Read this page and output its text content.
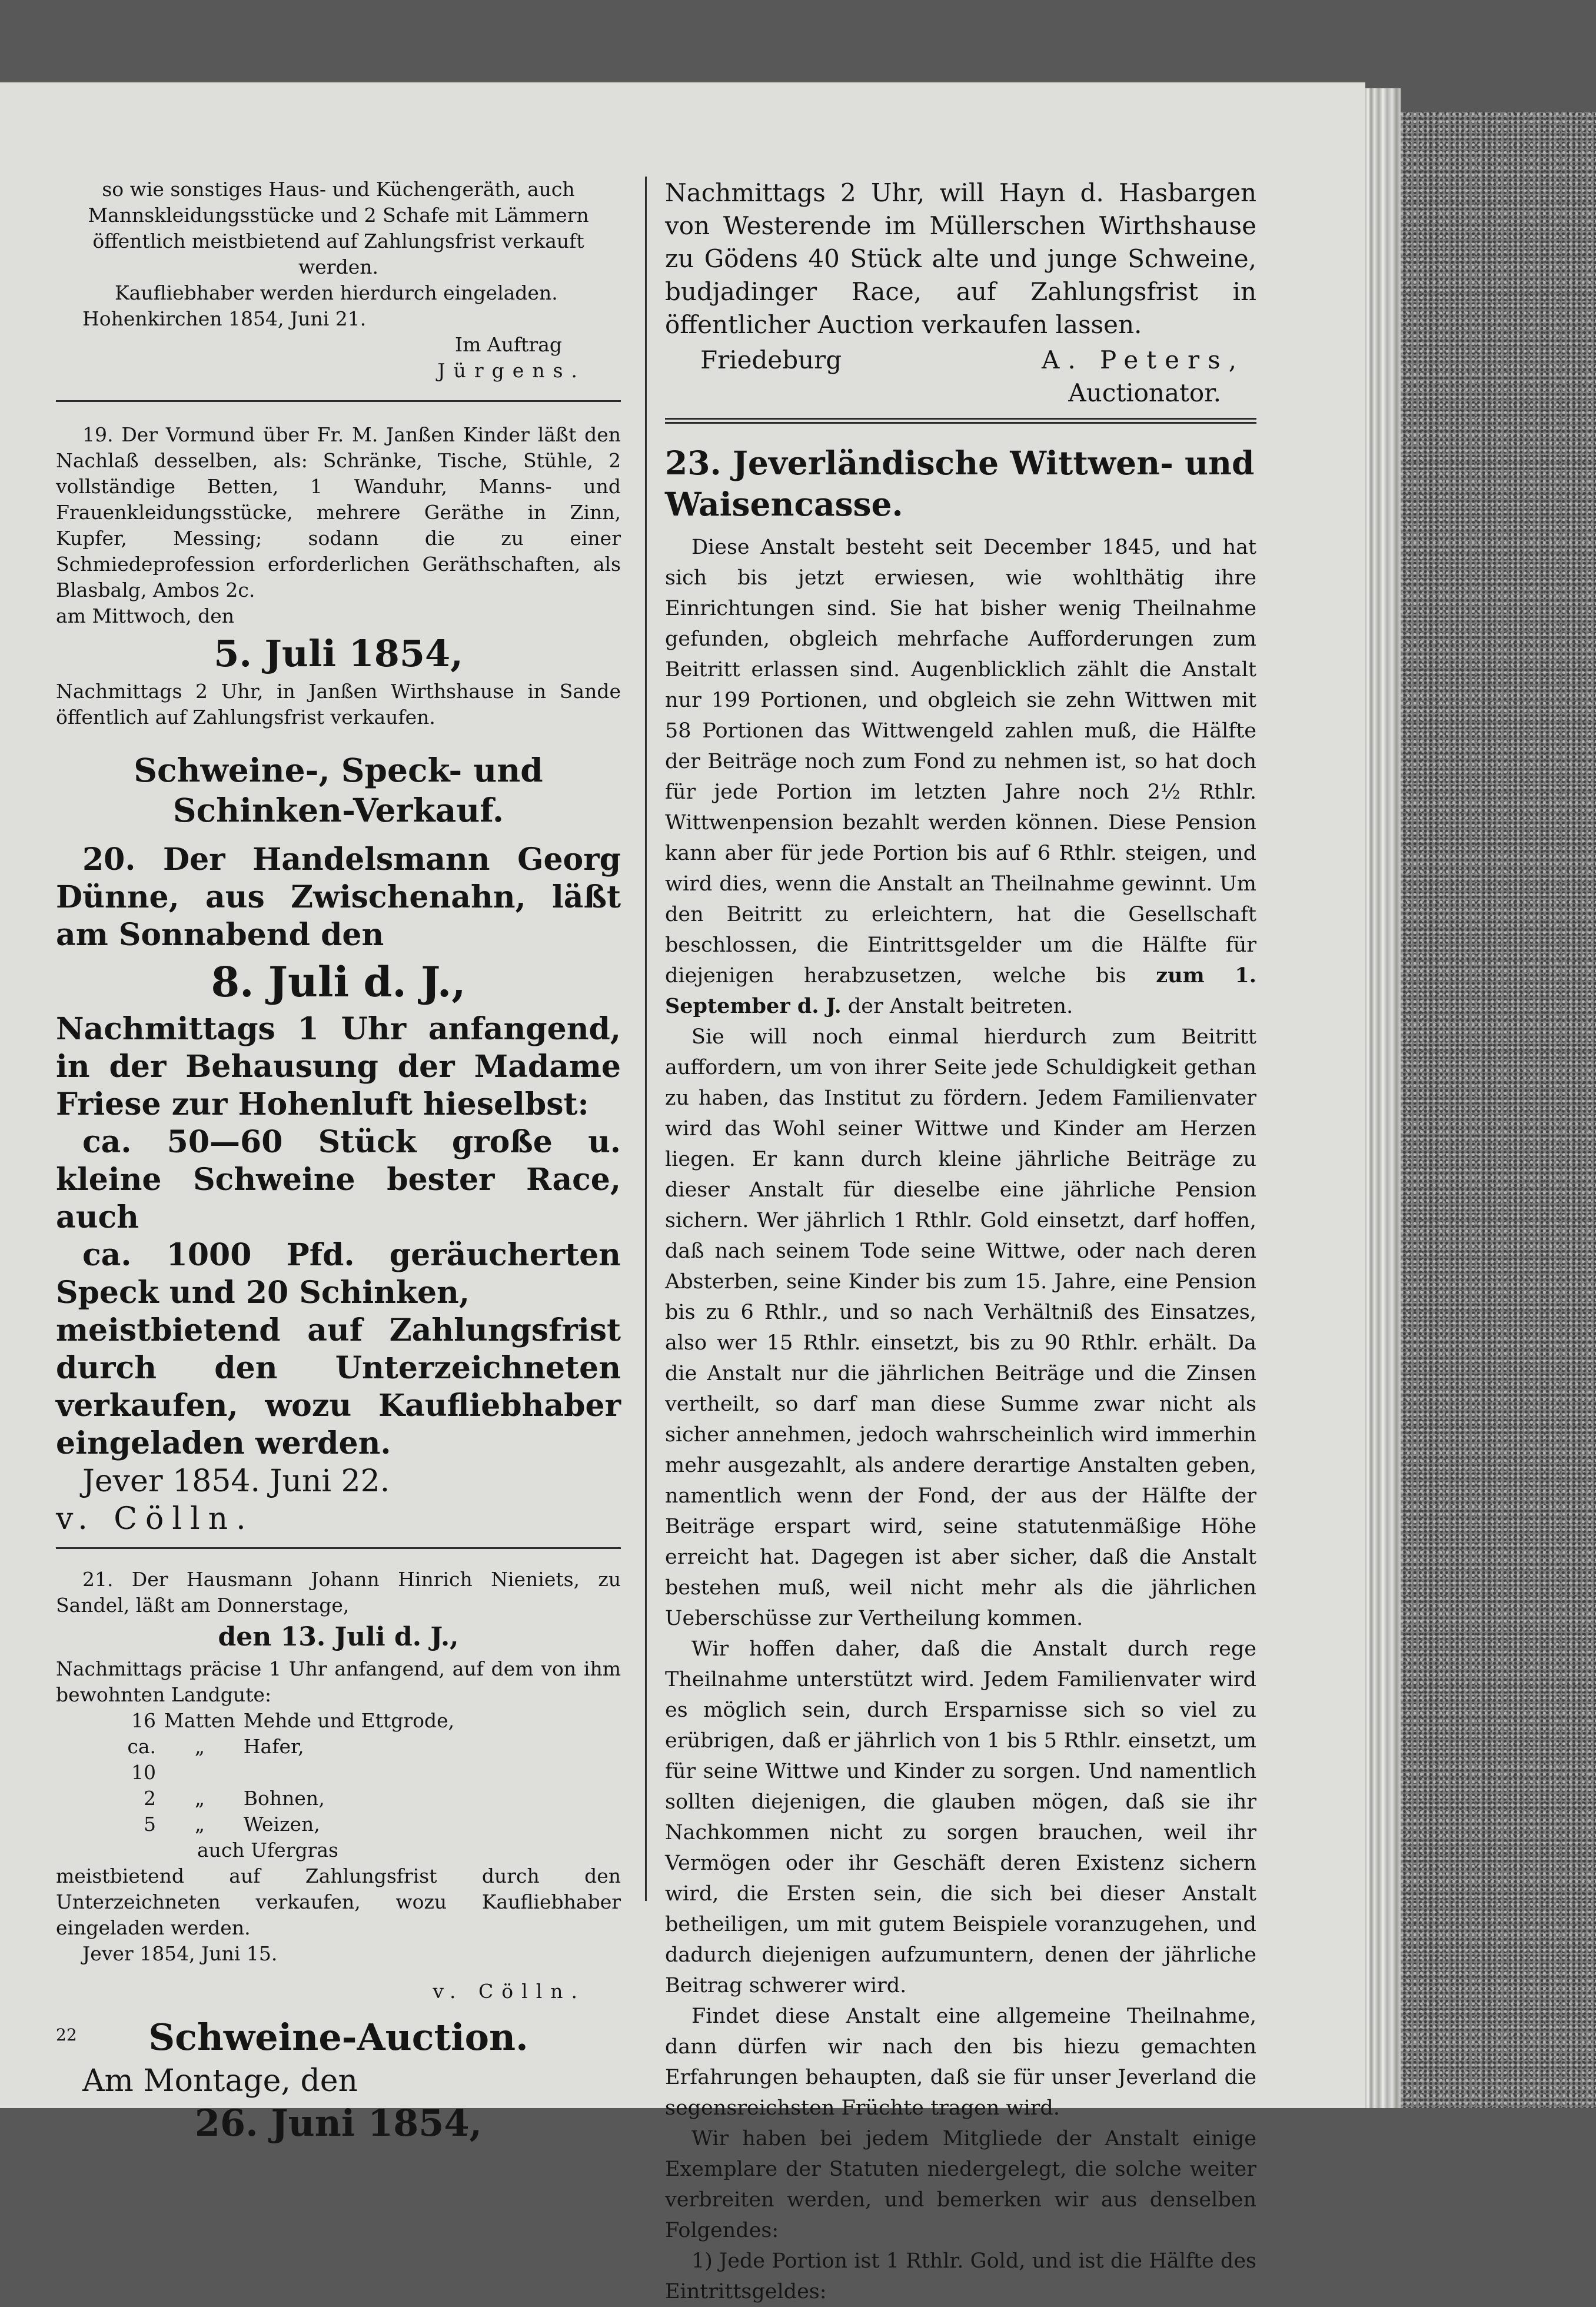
so wie sonstiges Haus- und Küchengeräth, auch

Mannskleidungsstücke und 2 Schafe mit Lämmern

öffentlich meistbietend auf Zahlungsfrist verkauft werden.

Kaufliebhaber werden hierdurch eingeladen.

Hohenkirchen 1854, Juni 21.

Im Auftrag

Jürgens.

19. Der Vormund über Fr. M. Janßen Kinder läßt den Nachlaß desselben, als: Schränke, Tische, Stühle, 2 vollständige Betten, 1 Wanduhr, Manns- und Frauenkleidungsstücke, mehrere Geräthe in Zinn, Kupfer, Messing; sodann die zu einer Schmiedeprofession erforderlichen Geräthschaften, als Blasbalg, Ambos 2c.

am Mittwoch, den

5. Juli 1854,

Nachmittags 2 Uhr, in Janßen Wirthshause in Sande öffentlich auf Zahlungsfrist verkaufen.

Schweine-, Speck- und Schinken-Verkauf.

20. Der Handelsmann Georg Dünne, aus Zwischenahn, läßt am Sonnabend den

8. Juli d. J.,

Nachmittags 1 Uhr anfangend, in der Behausung der Madame Friese zur Hohenluft hieselbst:

ca. 50—60 Stück große u. kleine Schweine bester Race, auch

ca. 1000 Pfd. geräucherten Speck und 20 Schinken,

meistbietend auf Zahlungsfrist durch den Unterzeichneten verkaufen, wozu Kaufliebhaber eingeladen werden.

Jever 1854. Juni 22.

v. Cölln.

21. Der Hausmann Johann Hinrich Nieniets, zu Sandel, läßt am Donnerstage,

den 13. Juli d. J.,

Nachmittags präcise 1 Uhr anfangend, auf dem von ihm bewohnten Landgute:

16	Matten	Mehde und Ettgrode,
ca. 10	„	Hafer,
2	„	Bohnen,
5	„	Weizen,

auch Ufergras

meistbietend auf Zahlungsfrist durch den Unterzeichneten verkaufen, wozu Kaufliebhaber eingeladen werden.

Jever 1854, Juni 15.

v. Cölln.

22	Schweine-Auction.

Am Montage, den

26. Juni 1854,

Nachmittags 2 Uhr, will Hayn d. Hasbargen von Westerende im Müllerschen Wirthshause zu Gödens 40 Stück alte und junge Schweine, budjadinger Race, auf Zahlungsfrist in öffentlicher Auction verkaufen lassen.

Friedeburg	A. Peters,

Auctionator.

23. Jeverländische Wittwen- und Waisencasse.

Diese Anstalt besteht seit December 1845, und hat sich bis jetzt erwiesen, wie wohlthätig ihre Einrichtungen sind. Sie hat bisher wenig Theilnahme gefunden, obgleich mehrfache Aufforderungen zum Beitritt erlassen sind. Augenblicklich zählt die Anstalt nur 199 Portionen, und obgleich sie zehn Wittwen mit 58 Portionen das Wittwengeld zahlen muß, die Hälfte der Beiträge noch zum Fond zu nehmen ist, so hat doch für jede Portion im letzten Jahre noch 2½ Rthlr. Wittwenpension bezahlt werden können. Diese Pension kann aber für jede Portion bis auf 6 Rthlr. steigen, und wird dies, wenn die Anstalt an Theilnahme gewinnt. Um den Beitritt zu erleichtern, hat die Gesellschaft beschlossen, die Eintrittsgelder um die Hälfte für diejenigen herabzusetzen, welche bis zum 1. September d. J. der Anstalt beitreten.

Sie will noch einmal hierdurch zum Beitritt auffordern, um von ihrer Seite jede Schuldigkeit gethan zu haben, das Institut zu fördern. Jedem Familienvater wird das Wohl seiner Wittwe und Kinder am Herzen liegen. Er kann durch kleine jährliche Beiträge zu dieser Anstalt für dieselbe eine jährliche Pension sichern. Wer jährlich 1 Rthlr. Gold einsetzt, darf hoffen, daß nach seinem Tode seine Wittwe, oder nach deren Absterben, seine Kinder bis zum 15. Jahre, eine Pension bis zu 6 Rthlr., und so nach Verhältniß des Einsatzes, also wer 15 Rthlr. einsetzt, bis zu 90 Rthlr. erhält. Da die Anstalt nur die jährlichen Beiträge und die Zinsen vertheilt, so darf man diese Summe zwar nicht als sicher annehmen, jedoch wahrscheinlich wird immerhin mehr ausgezahlt, als andere derartige Anstalten geben, namentlich wenn der Fond, der aus der Hälfte der Beiträge erspart wird, seine statutenmäßige Höhe erreicht hat. Dagegen ist aber sicher, daß die Anstalt bestehen muß, weil nicht mehr als die jährlichen Ueberschüsse zur Vertheilung kommen.

Wir hoffen daher, daß die Anstalt durch rege Theilnahme unterstützt wird. Jedem Familienvater wird es möglich sein, durch Ersparnisse sich so viel zu erübrigen, daß er jährlich von 1 bis 5 Rthlr. einsetzt, um für seine Wittwe und Kinder zu sorgen. Und namentlich sollten diejenigen, die glauben mögen, daß sie ihr Nachkommen nicht zu sorgen brauchen, weil ihr Vermögen oder ihr Geschäft deren Existenz sichern wird, die Ersten sein, die sich bei dieser Anstalt betheiligen, um mit gutem Beispiele voranzugehen, und dadurch diejenigen aufzumuntern, denen der jährliche Beitrag schwerer wird.

Findet diese Anstalt eine allgemeine Theilnahme, dann dürfen wir nach den bis hiezu gemachten Erfahrungen behaupten, daß sie für unser Jeverland die segensreichsten Früchte tragen wird.

Wir haben bei jedem Mitgliede der Anstalt einige Exemplare der Statuten niedergelegt, die solche weiter verbreiten werden, und bemerken wir aus denselben Folgendes:

1) Jede Portion ist 1 Rthlr. Gold, und ist die Hälfte des Eintrittsgeldes:
